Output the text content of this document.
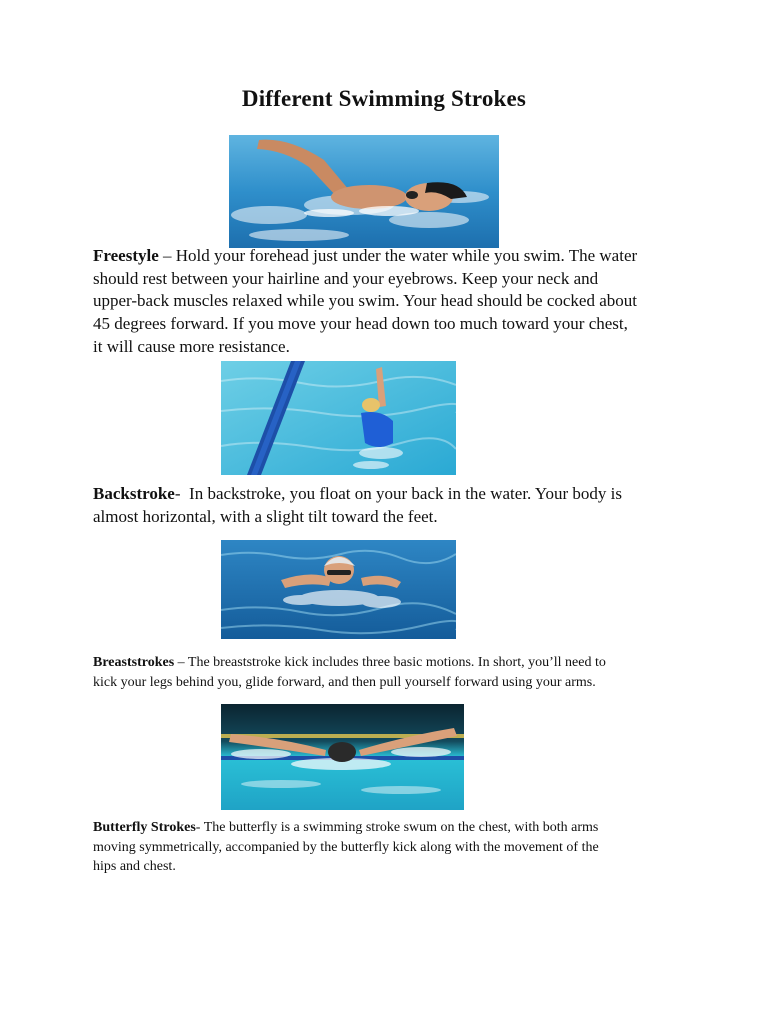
Different Swimming Strokes
Freestyle – Hold your forehead just under the water while you swim. The water
should rest between your hairline and your eyebrows. Keep your neck and
upper-back muscles relaxed while you swim. Your head should be cocked about
45 degrees forward. If you move your head down too much toward your chest,
it will cause more resistance.
Backstroke-  In backstroke, you float on your back in the water. Your body is
almost horizontal, with a slight tilt toward the feet.
Breaststrokes – The breaststroke kick includes three basic motions. In short, you’ll need to
kick your legs behind you, glide forward, and then pull yourself forward using your arms.
Butterfly Strokes- The butterfly is a swimming stroke swum on the chest, with both arms
moving symmetrically, accompanied by the butterfly kick along with the movement of the
hips and chest.
